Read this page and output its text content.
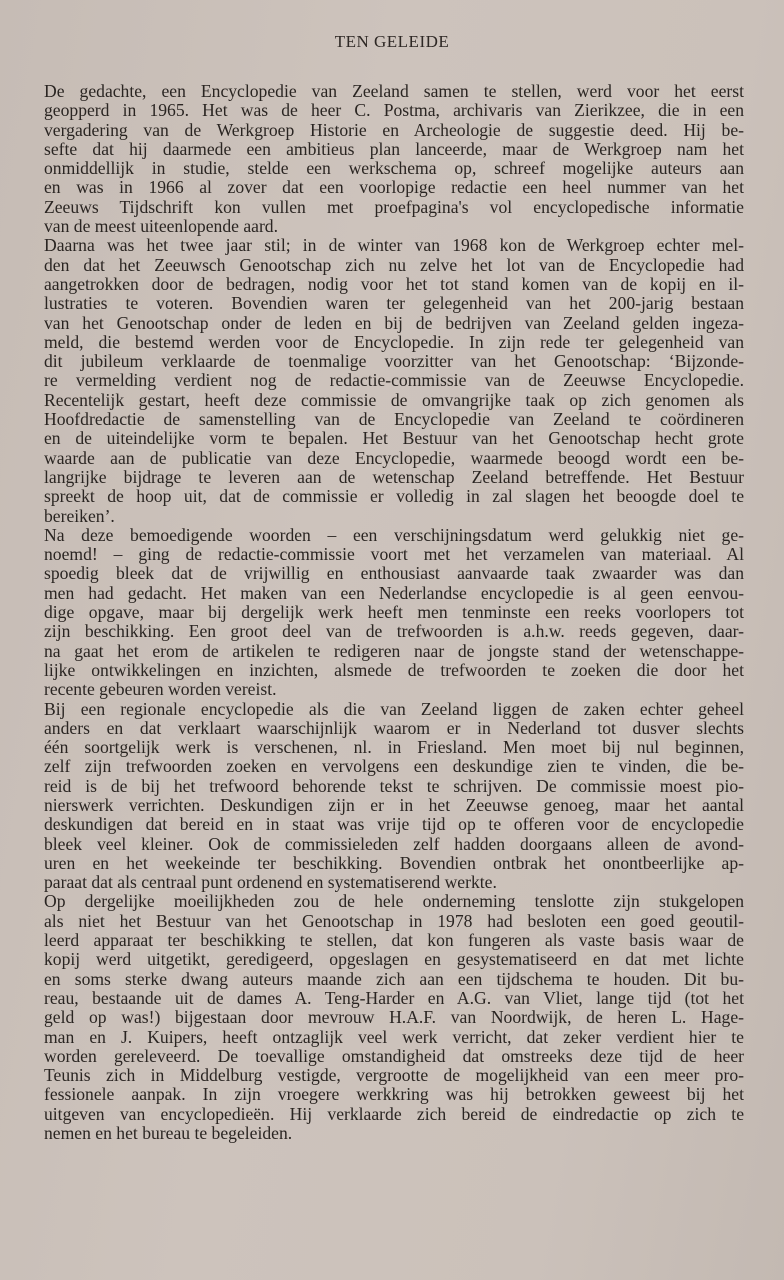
TEN GELEIDE
De gedachte, een Encyclopedie van Zeeland samen te stellen, werd voor het eerst
geopperd in 1965. Het was de heer C. Postma, archivaris van Zierikzee, die in een
vergadering van de Werkgroep Historie en Archeologie de suggestie deed. Hij be-
sefte dat hij daarmede een ambitieus plan lanceerde, maar de Werkgroep nam het
onmiddellijk in studie, stelde een werkschema op, schreef mogelijke auteurs aan
en was in 1966 al zover dat een voorlopige redactie een heel nummer van het
Zeeuws Tijdschrift kon vullen met proefpagina's vol encyclopedische informatie
van de meest uiteenlopende aard.
Daarna was het twee jaar stil; in de winter van 1968 kon de Werkgroep echter mel-
den dat het Zeeuwsch Genootschap zich nu zelve het lot van de Encyclopedie had
aangetrokken door de bedragen, nodig voor het tot stand komen van de kopij en il-
lustraties te voteren. Bovendien waren ter gelegenheid van het 200-jarig bestaan
van het Genootschap onder de leden en bij de bedrijven van Zeeland gelden ingeza-
meld, die bestemd werden voor de Encyclopedie. In zijn rede ter gelegenheid van
dit jubileum verklaarde de toenmalige voorzitter van het Genootschap: ‘Bijzonde-
re vermelding verdient nog de redactie-commissie van de Zeeuwse Encyclopedie.
Recentelijk gestart, heeft deze commissie de omvangrijke taak op zich genomen als
Hoofdredactie de samenstelling van de Encyclopedie van Zeeland te coördineren
en de uiteindelijke vorm te bepalen. Het Bestuur van het Genootschap hecht grote
waarde aan de publicatie van deze Encyclopedie, waarmede beoogd wordt een be-
langrijke bijdrage te leveren aan de wetenschap Zeeland betreffende. Het Bestuur
spreekt de hoop uit, dat de commissie er volledig in zal slagen het beoogde doel te
bereiken’.
Na deze bemoedigende woorden – een verschijningsdatum werd gelukkig niet ge-
noemd! – ging de redactie-commissie voort met het verzamelen van materiaal. Al
spoedig bleek dat de vrijwillig en enthousiast aanvaarde taak zwaarder was dan
men had gedacht. Het maken van een Nederlandse encyclopedie is al geen eenvou-
dige opgave, maar bij dergelijk werk heeft men tenminste een reeks voorlopers tot
zijn beschikking. Een groot deel van de trefwoorden is a.h.w. reeds gegeven, daar-
na gaat het erom de artikelen te redigeren naar de jongste stand der wetenschappe-
lijke ontwikkelingen en inzichten, alsmede de trefwoorden te zoeken die door het
recente gebeuren worden vereist.
Bij een regionale encyclopedie als die van Zeeland liggen de zaken echter geheel
anders en dat verklaart waarschijnlijk waarom er in Nederland tot dusver slechts
één soortgelijk werk is verschenen, nl. in Friesland. Men moet bij nul beginnen,
zelf zijn trefwoorden zoeken en vervolgens een deskundige zien te vinden, die be-
reid is de bij het trefwoord behorende tekst te schrijven. De commissie moest pio-
nierswerk verrichten. Deskundigen zijn er in het Zeeuwse genoeg, maar het aantal
deskundigen dat bereid en in staat was vrije tijd op te offeren voor de encyclopedie
bleek veel kleiner. Ook de commissieleden zelf hadden doorgaans alleen de avond-
uren en het weekeinde ter beschikking. Bovendien ontbrak het onontbeerlijke ap-
paraat dat als centraal punt ordenend en systematiserend werkte.
Op dergelijke moeilijkheden zou de hele onderneming tenslotte zijn stukgelopen
als niet het Bestuur van het Genootschap in 1978 had besloten een goed geoutil-
leerd apparaat ter beschikking te stellen, dat kon fungeren als vaste basis waar de
kopij werd uitgetikt, geredigeerd, opgeslagen en gesystematiseerd en dat met lichte
en soms sterke dwang auteurs maande zich aan een tijdschema te houden. Dit bu-
reau, bestaande uit de dames A. Teng-Harder en A.G. van Vliet, lange tijd (tot het
geld op was!) bijgestaan door mevrouw H.A.F. van Noordwijk, de heren L. Hage-
man en J. Kuipers, heeft ontzaglijk veel werk verricht, dat zeker verdient hier te
worden gereleveerd. De toevallige omstandigheid dat omstreeks deze tijd de heer
Teunis zich in Middelburg vestigde, vergrootte de mogelijkheid van een meer pro-
fessionele aanpak. In zijn vroegere werkkring was hij betrokken geweest bij het
uitgeven van encyclopedieën. Hij verklaarde zich bereid de eindredactie op zich te
nemen en het bureau te begeleiden.
